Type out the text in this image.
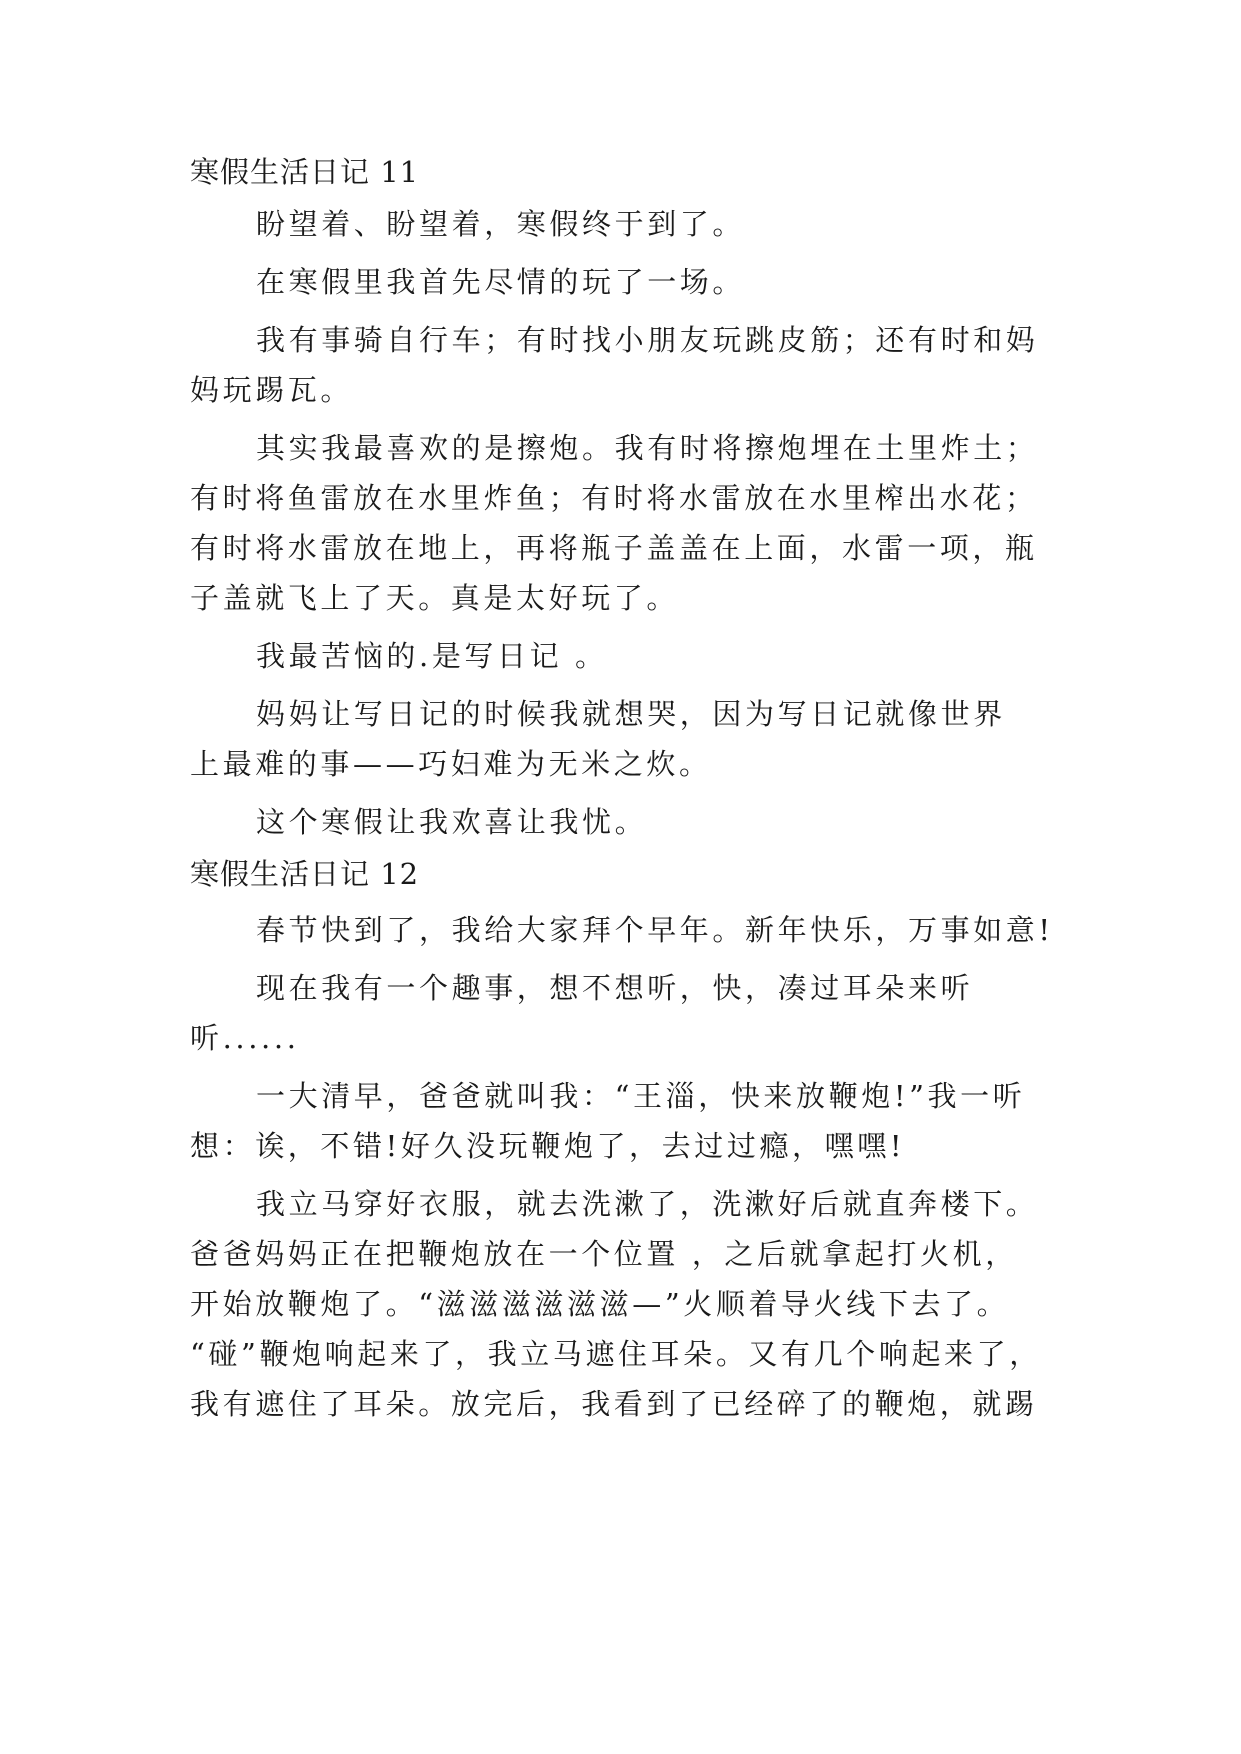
寒假生活日记 11
盼望着、盼望着，寒假终于到了。
在寒假里我首先尽情的玩了一场。
我有事骑自行车；有时找小朋友玩跳皮筋；还有时和妈
妈玩踢瓦。
其实我最喜欢的是擦炮。我有时将擦炮埋在土里炸土；
有时将鱼雷放在水里炸鱼；有时将水雷放在水里榨出水花；
有时将水雷放在地上，再将瓶子盖盖在上面，水雷一项，瓶
子盖就飞上了天。真是太好玩了。
我最苦恼的.是写日记 。
妈妈让写日记的时候我就想哭，因为写日记就像世界
上最难的事——巧妇难为无米之炊。
这个寒假让我欢喜让我忧。
寒假生活日记 12
春节快到了，我给大家拜个早年。新年快乐，万事如意!
现在我有一个趣事，想不想听，快，凑过耳朵来听
听......
一大清早，爸爸就叫我：“王淄，快来放鞭炮!”我一听
想：诶，不错!好久没玩鞭炮了，去过过瘾，嘿嘿!
我立马穿好衣服，就去洗漱了，洗漱好后就直奔楼下。
爸爸妈妈正在把鞭炮放在一个位置 ，之后就拿起打火机，
开始放鞭炮了。“滋滋滋滋滋滋—”火顺着导火线下去了。
“碰”鞭炮响起来了，我立马遮住耳朵。又有几个响起来了，
我有遮住了耳朵。放完后，我看到了已经碎了的鞭炮，就踢
